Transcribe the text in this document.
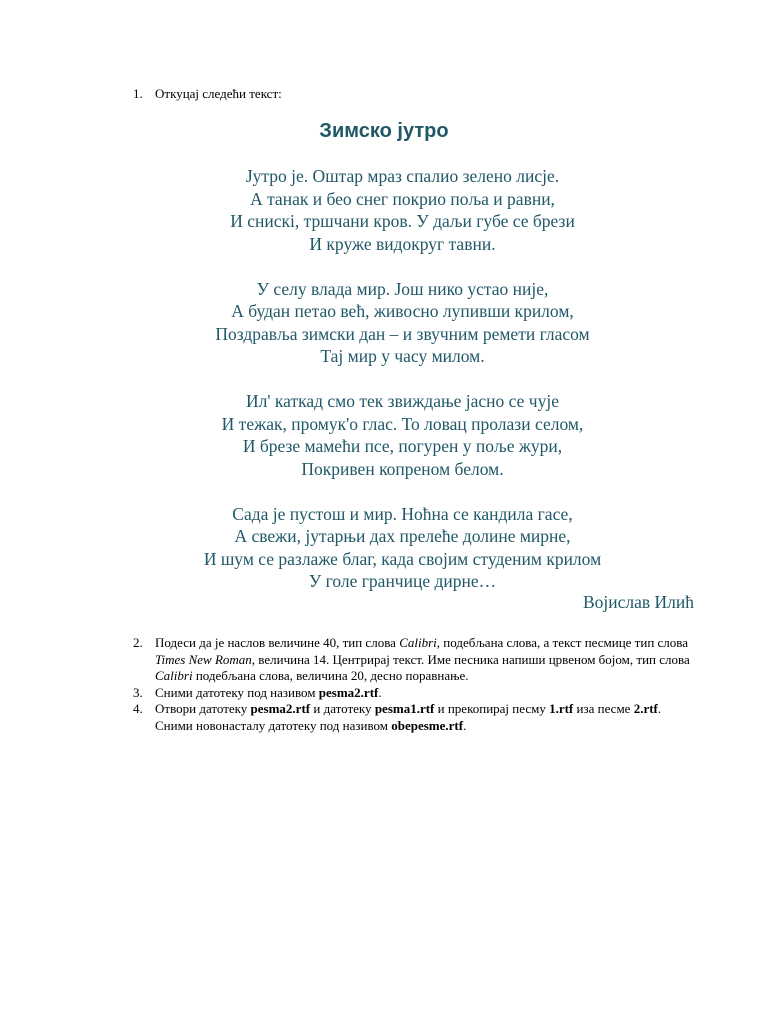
1. Откуцај следећи текст:
Зимско јутро
Јутро је. Оштар мраз спалио зелено лисје.
А танак и бео снег покрио поља и равни,
И снискi, тршчани кров. У даљи губе се брези
И круже видокруг тавни.
У селу влада мир. Још нико устао није,
А будан петао већ, живосно лупивши крилом,
Поздравља зимски дан – и звучним ремети гласом
Тај мир у часу милом.
Ил' каткад смо тек звиждање јасно се чује
И тежак, промук'о глас. То ловац пролази селом,
И брезе мамећи псе, погурен у поље жури,
Покривен копреном белом.
Сада је пустош и мир. Ноћна се кандила гасе,
А свежи, јутарњи дах прелеће долине мирне,
И шум се разлаже благ, када својим студеним крилом
У голе гранчице дирне…
Војислав Илић
2. Подеси да је наслов величине 40, тип слова Calibri, подебљана слова, а текст песмице тип слова Times New Roman, величина 14. Центрирај текст. Име песника напиши црвеном бојом, тип слова Calibri подебљана слова, величина 20, десно поравнање.
3. Сними датотеку под називом pesma2.rtf.
4. Отвори датотеку pesma2.rtf и датотеку pesma1.rtf и прекопирај песму 1.rtf иза песме 2.rtf. Сними новонасталу датотеку под називом obepesme.rtf.
